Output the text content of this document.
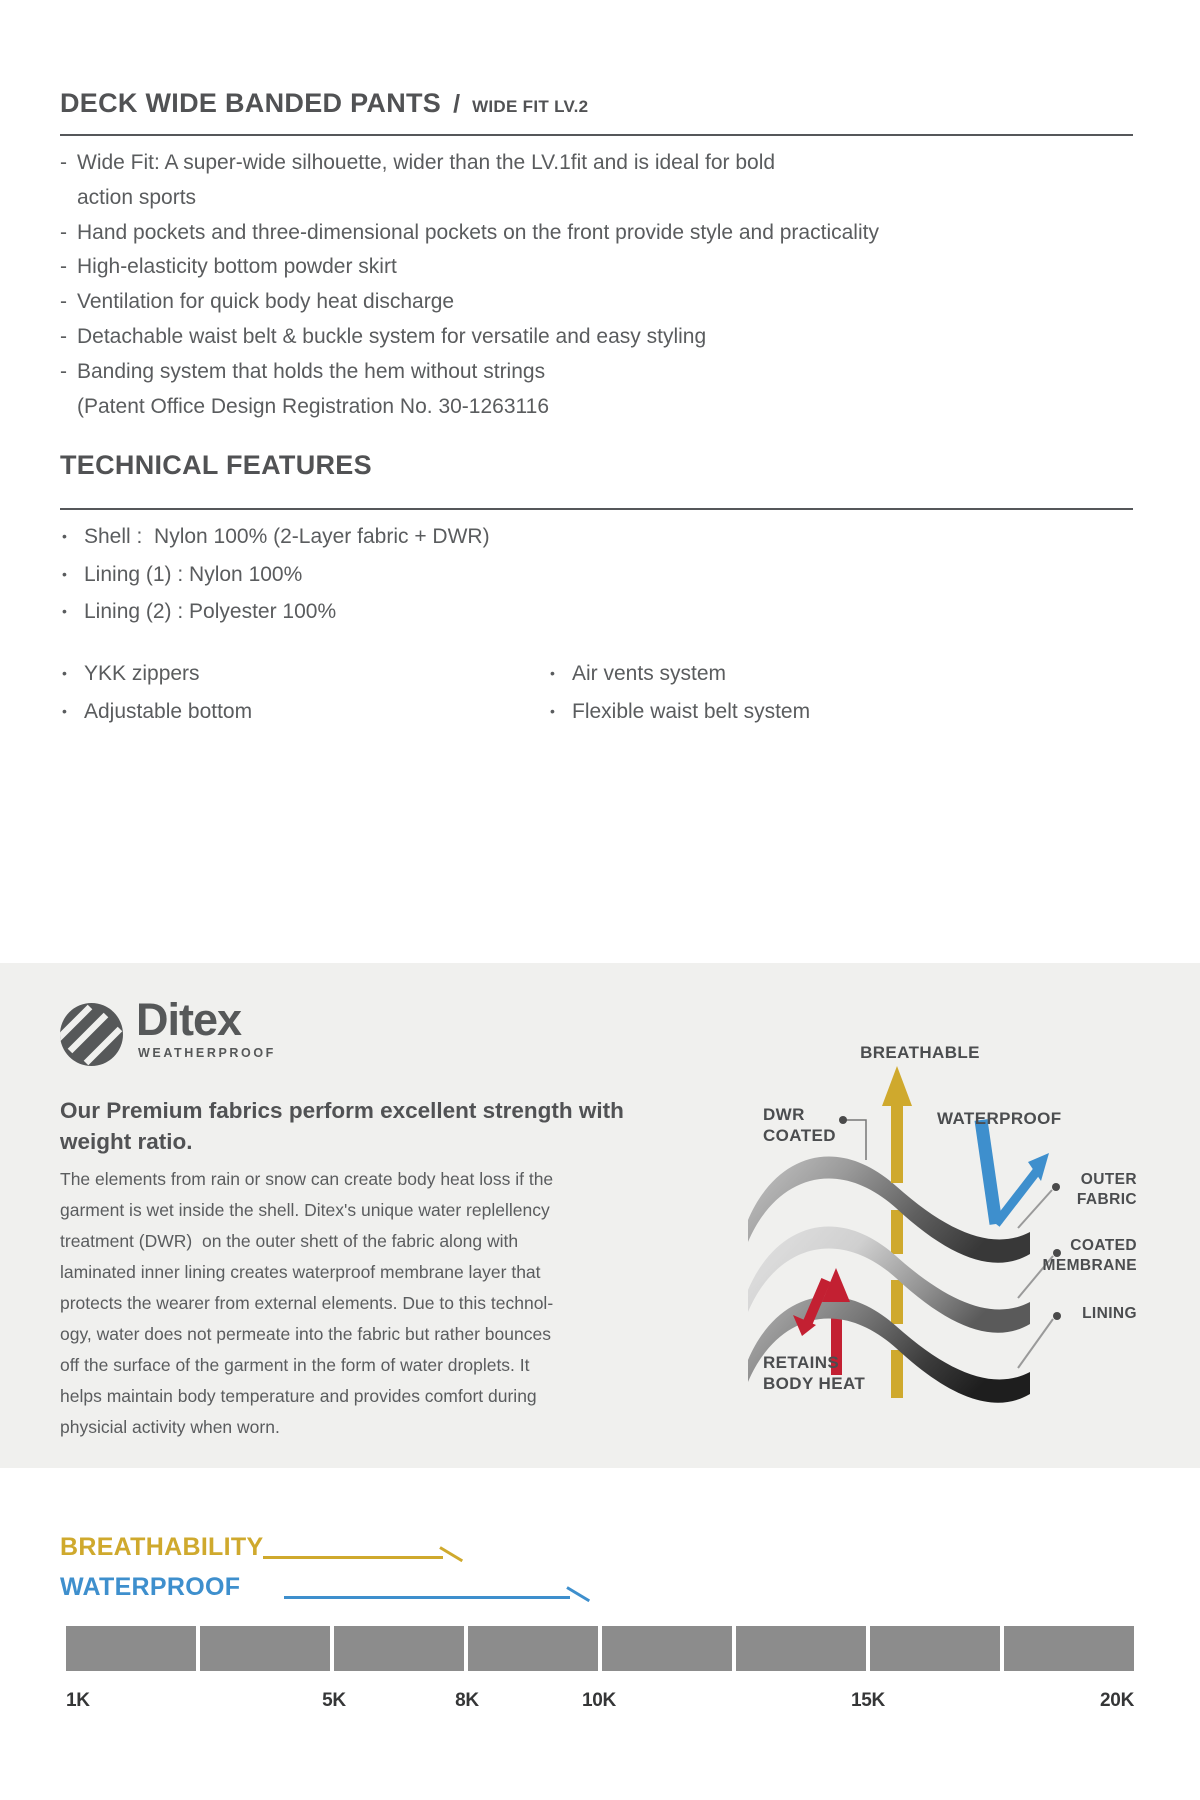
DECK WIDE BANDED PANTS / WIDE FIT LV.2
- Wide Fit: A super-wide silhouette, wider than the LV.1fit and is ideal for bold
action sports
- Hand pockets and three-dimensional pockets on the front provide style and practicality
- High-elasticity bottom powder skirt
- Ventilation for quick body heat discharge
- Detachable waist belt & buckle system for versatile and easy styling
- Banding system that holds the hem without strings
(Patent Office Design Registration No. 30-1263116
TECHNICAL FEATURES
• Shell :  Nylon 100% (2-Layer fabric + DWR)
• Lining (1) : Nylon 100%
• Lining (2) : Polyester 100%
• YKK zippers
• Adjustable bottom
• Air vents system
• Flexible waist belt system
Ditex
WEATHERPROOF
Our Premium fabrics perform excellent strength with weight ratio.
The elements from rain or snow can create body heat loss if the
garment is wet inside the shell. Ditex's unique water replellency
treatment (DWR)  on the outer shett of the fabric along with
laminated inner lining creates waterproof membrane layer that
protects the wearer from external elements. Due to this technol-
ogy, water does not permeate into the fabric but rather bounces
off the surface of the garment in the form of water droplets. It
helps maintain body temperature and provides comfort during
physicial activity when worn.
BREATHABLE
DWR
COATED
WATERPROOF
OUTER
FABRIC
COATED
MEMBRANE
LINING
RETAINS
BODY HEAT
BREATHABILITY
WATERPROOF
1K	5K	8K	10K	15K	20K
